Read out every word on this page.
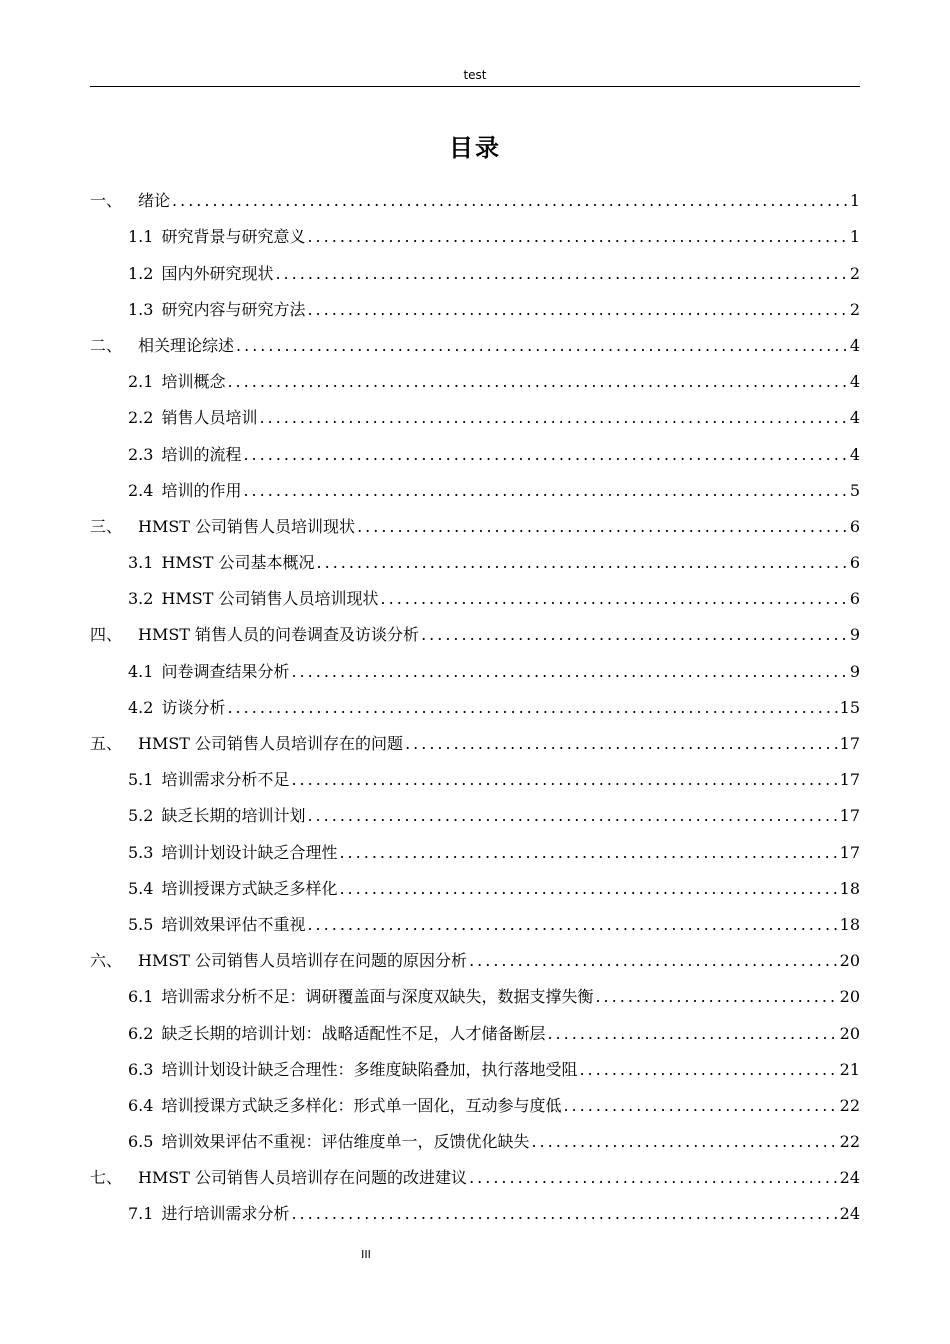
test
目录
一、 绪论 .....	1
1.1 研究背景与研究意义 .....	1
1.2 国内外研究现状 .....	2
1.3 研究内容与研究方法 .....	2
二、 相关理论综述 .....	4
2.1 培训概念 .....	4
2.2 销售人员培训 .....	4
2.3 培训的流程 .....	4
2.4 培训的作用 .....	5
三、 HMST 公司销售人员培训现状 .....	6
3.1 HMST 公司基本概况 .....	6
3.2 HMST 公司销售人员培训现状 .....	6
四、 HMST 销售人员的问卷调查及访谈分析 .....	9
4.1 问卷调查结果分析 .....	9
4.2 访谈分析 .....	15
五、 HMST 公司销售人员培训存在的问题 .....	17
5.1 培训需求分析不足 .....	17
5.2 缺乏长期的培训计划 .....	17
5.3 培训计划设计缺乏合理性 .....	17
5.4 培训授课方式缺乏多样化 .....	18
5.5 培训效果评估不重视 .....	18
六、 HMST 公司销售人员培训存在问题的原因分析 .....	20
6.1 培训需求分析不足：调研覆盖面与深度双缺失，数据支撑失衡 .....	20
6.2 缺乏长期的培训计划：战略适配性不足，人才储备断层 .....	20
6.3 培训计划设计缺乏合理性：多维度缺陷叠加，执行落地受阻 .....	21
6.4 培训授课方式缺乏多样化：形式单一固化，互动参与度低 .....	22
6.5 培训效果评估不重视：评估维度单一，反馈优化缺失 .....	22
七、 HMST 公司销售人员培训存在问题的改进建议 .....	24
7.1 进行培训需求分析 .....	24
III
